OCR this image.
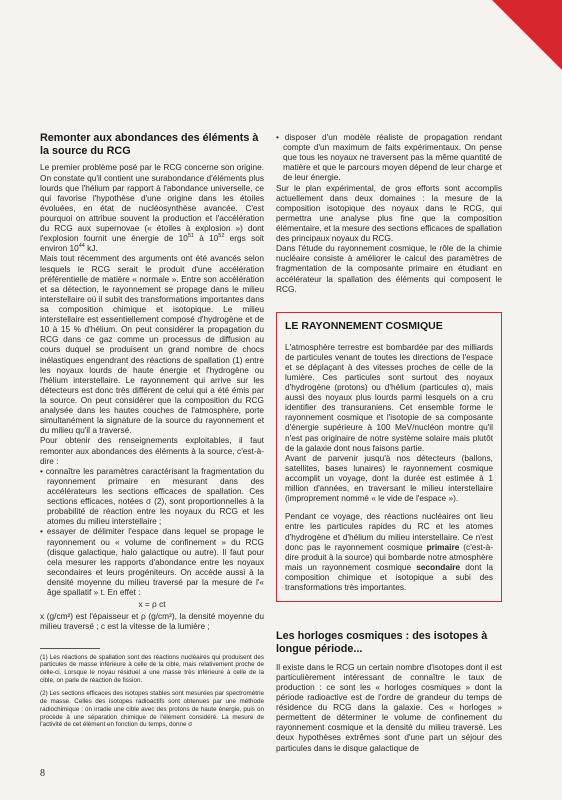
Remonter aux abondances des éléments à la source du RCG

Le premier problème posé par le RCG concerne son origine. On constate qu'il contient une surabondance d'éléments plus lourds que l'hélium par rapport à l'abondance universelle, ce qui favorise l'hypothèse d'une origine dans les étoiles évoluées, en état de nucléosynthèse avancée. C'est pourquoi on attribue souvent la production et l'accélération du RCG aux supernovae (« étoiles à explosion ») dont l'explosion fournit une énergie de $10^{51}$ à $10^{52}$ ergs soit environ $10^{44}$ kJ.

Mais tout récemment des arguments ont été avancés selon lesquels le RCG serait le produit d'une accélération préférentielle de matière « normale ». Entre son accélération et sa détection, le rayonnement se propage dans le milieu interstellaire où il subit des transformations importantes dans sa composition chimique et isotopique. Le milieu interstellaire est essentiellement composé d'hydrogène et de 10 à 15 % d'hélium. On peut considérer la propagation du RCG dans ce gaz comme un processus de diffusion au cours duquel se produisent un grand nombre de chocs inélastiques engendrant des réactions de spallation (1) entre les noyaux lourds de haute énergie et l'hydrogène ou l'hélium interstellaire. Le rayonnement qui arrive sur les détecteurs est donc très différent de celui qui a été émis par la source. On peut considérer que la composition du RCG analysée dans les hautes couches de l'atmosphère, porte simultanément la signature de la source du rayonnement et du milieu qu'il a traversé.

Pour obtenir des renseignements exploitables, il faut remonter aux abondances des éléments à la source, c'est-à-dire :

• connaître les paramètres caractérisant la fragmentation du rayonnement primaire en mesurant dans des accélérateurs les sections efficaces de spallation. Ces sections efficaces, notées σ (2), sont proportionnelles à la probabilité de réaction entre les noyaux du RCG et les atomes du milieu interstellaire ;

• essayer de délimiter l'espace dans lequel se propage le rayonnement ou « volume de confinement » du RCG (disque galactique, halo galactique ou autre). Il faut pour cela mesurer les rapports d'abondance entre les noyaux secondaires et leurs progéniteurs. On accède aussi à la densité moyenne du milieu traversé par la mesure de l'« âge spallatif » t. En effet :

x = ρ ct

x (g/cm²) est l'épaisseur et ρ (g/cm³), la densité moyenne du milieu traversé ; c est la vitesse de la lumière ;

(1) Les réactions de spallation sont des réactions nucléaires qui produisent des particules de masse inférieure à celle de la cible, mais relativement proche de celle-ci. Lorsque le noyau résiduel a une masse très inférieure à celle de la cible, on parle de réaction de fission.

(2) Les sections efficaces des isotopes stables sont mesurées par spectrométrie de masse. Celles des isotopes radioactifs sont obtenues par une méthode radiochimique : on irradie une cible avec des protons de haute énergie, puis on procède à une séparation chimique de l'élément considéré. La mesure de l'activité de cet élément en fonction du temps, donne σ

• disposer d'un modèle réaliste de propagation rendant compte d'un maximum de faits expérimentaux. On pense que tous les noyaux ne traversent pas la même quantité de matière et que le parcours moyen dépend de leur charge et de leur énergie.

Sur le plan expérimental, de gros efforts sont accomplis actuellement dans deux domaines : la mesure de la composition isotopique des noyaux dans le RCG, qui permettra une analyse plus fine que la composition élémentaire, et la mesure des sections efficaces de spallation des principaux noyaux du RCG.

Dans l'étude du rayonnement cosmique, le rôle de la chimie nucléaire consiste à améliorer le calcul des paramètres de fragmentation de la composante primaire en étudiant en accélérateur la spallation des éléments qui composent le RCG.

LE RAYONNEMENT COSMIQUE

L'atmosphère terrestre est bombardée par des milliards de particules venant de toutes les directions de l'espace et se déplaçant à des vitesses proches de celle de la lumière. Ces particules sont surtout des noyaux d'hydrogène (protons) ou d'hélium (particules α), mais aussi des noyaux plus lourds parmi lesquels on a cru identifier des transuraniens. Cet ensemble forme le rayonnement cosmique et l'isotopie de sa composante d'énergie supérieure à 100 MeV/nucléon montre qu'il n'est pas originaire de notre système solaire mais plutôt de la galaxie dont nous faisons partie.

Avant de parvenir jusqu'à nos détecteurs (ballons, satellites, bases lunaires) le rayonnement cosmique accomplit un voyage, dont la durée est estimée à 1 million d'années, en traversant le milieu interstellaire (improprement nommé « le vide de l'espace »).

Pendant ce voyage, des réactions nucléaires ont lieu entre les particules rapides du RC et les atomes d'hydrogène et d'hélium du milieu interstellaire. Ce n'est donc pas le rayonnement cosmique primaire (c'est-à-dire produit à la source) qui bombarde notre atmosphère mais un rayonnement cosmique secondaire dont la composition chimique et isotopique a subi des transformations très importantes.

Les horloges cosmiques : des isotopes à longue période...

Il existe dans le RCG un certain nombre d'isotopes dont il est particulièrement intéressant de connaître le taux de production : ce sont les « horloges cosmiques » dont la période radioactive est de l'ordre de grandeur du temps de résidence du RCG dans la galaxie. Ces « horloges » permettent de déterminer le volume de confinement du rayonnement cosmique et la densité du milieu traversé. Les deux hypothèses extrêmes sont d'une part un séjour des particules dans le disque galactique de

8
